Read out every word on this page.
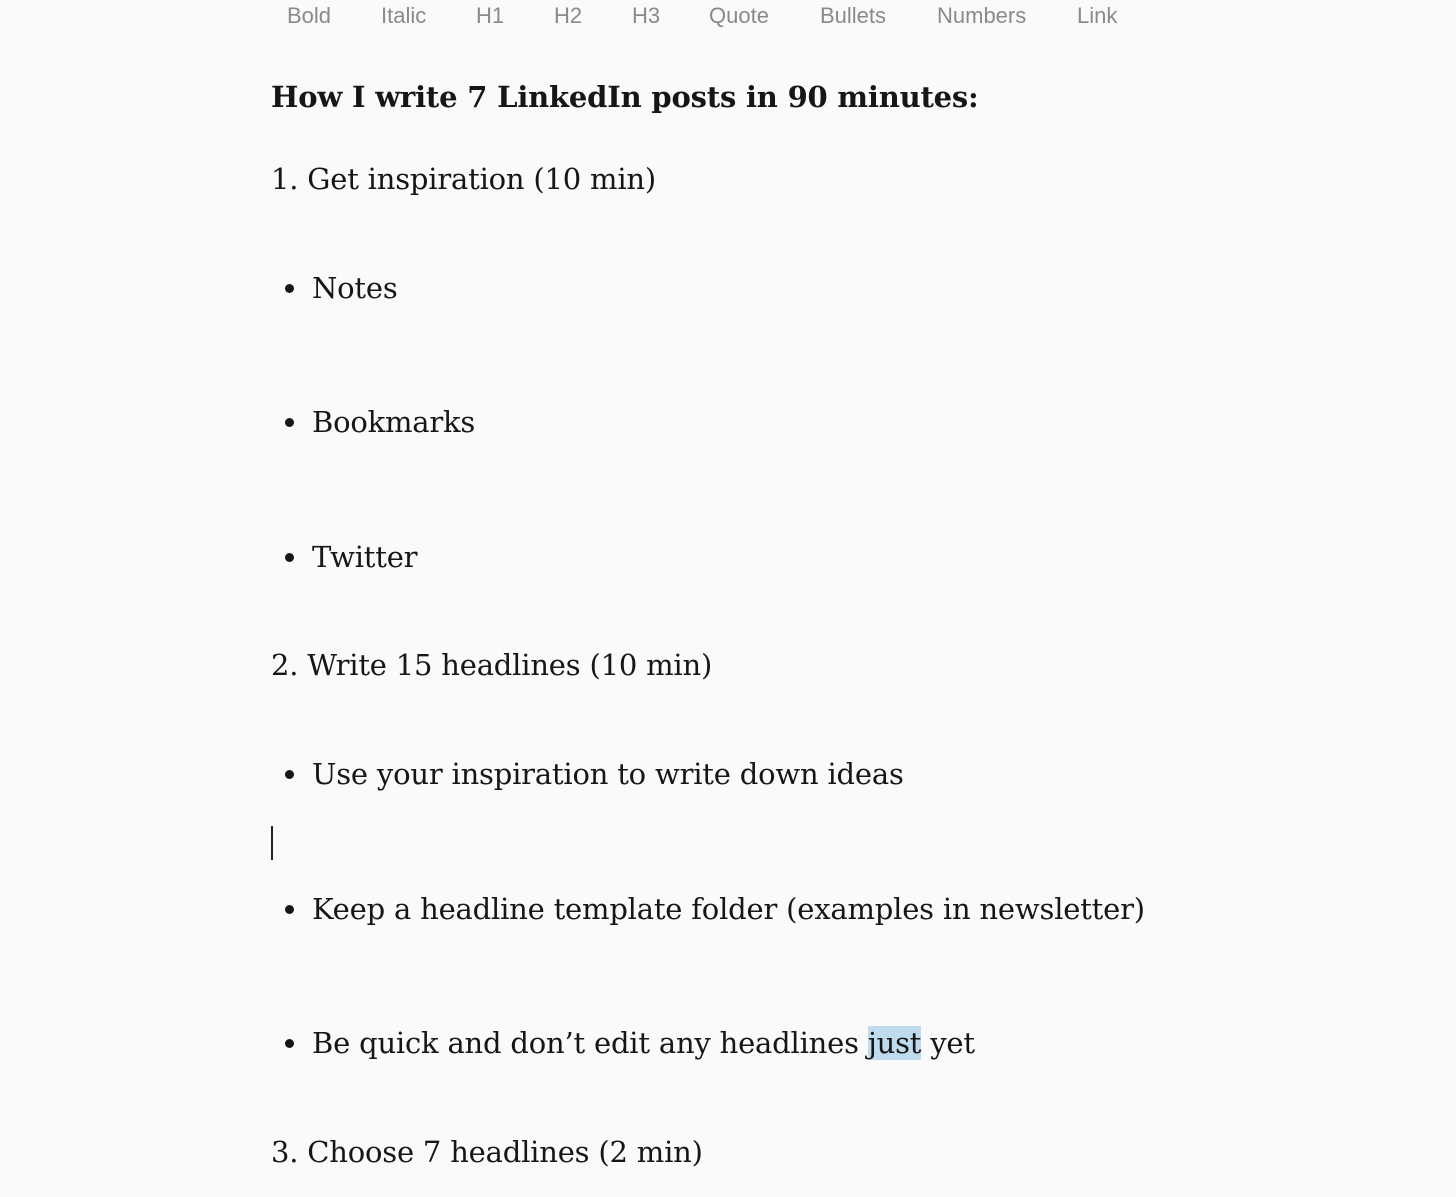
Bold Italic H1 H2 H3 Quote Bullets Numbers Link
How I write 7 LinkedIn posts in 90 minutes:
1. Get inspiration (10 min)
Notes
Bookmarks
Twitter
2. Write 15 headlines (10 min)
Use your inspiration to write down ideas
Keep a headline template folder (examples in newsletter)
Be quick and don’t edit any headlines just yet
3. Choose 7 headlines (2 min)
